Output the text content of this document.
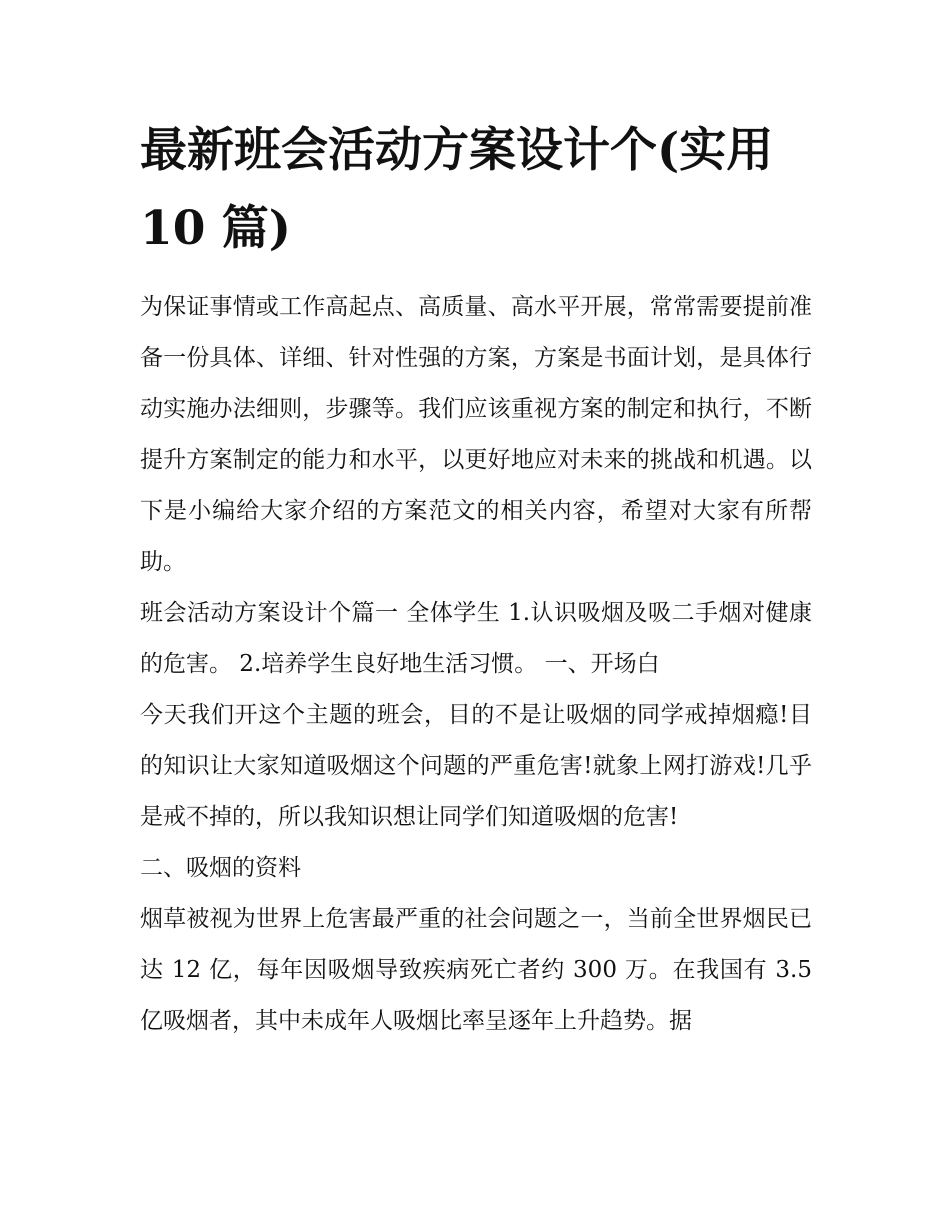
最新班会活动方案设计个(实用 10 篇)

为保证事情或工作高起点、高质量、高水平开展，常常需要提前准备一份具体、详细、针对性强的方案，方案是书面计划，是具体行动实施办法细则，步骤等。我们应该重视方案的制定和执行，不断提升方案制定的能力和水平，以更好地应对未来的挑战和机遇。以下是小编给大家介绍的方案范文的相关内容，希望对大家有所帮助。

班会活动方案设计个篇一 全体学生 1.认识吸烟及吸二手烟对健康的危害。 2.培养学生良好地生活习惯。 一、开场白

今天我们开这个主题的班会，目的不是让吸烟的同学戒掉烟瘾!目的知识让大家知道吸烟这个问题的严重危害!就象上网打游戏!几乎是戒不掉的，所以我知识想让同学们知道吸烟的危害!

二、吸烟的资料

烟草被视为世界上危害最严重的社会问题之一，当前全世界烟民已达 12 亿，每年因吸烟导致疾病死亡者约 300 万。在我国有 3.5 亿吸烟者，其中未成年人吸烟比率呈逐年上升趋势。据
